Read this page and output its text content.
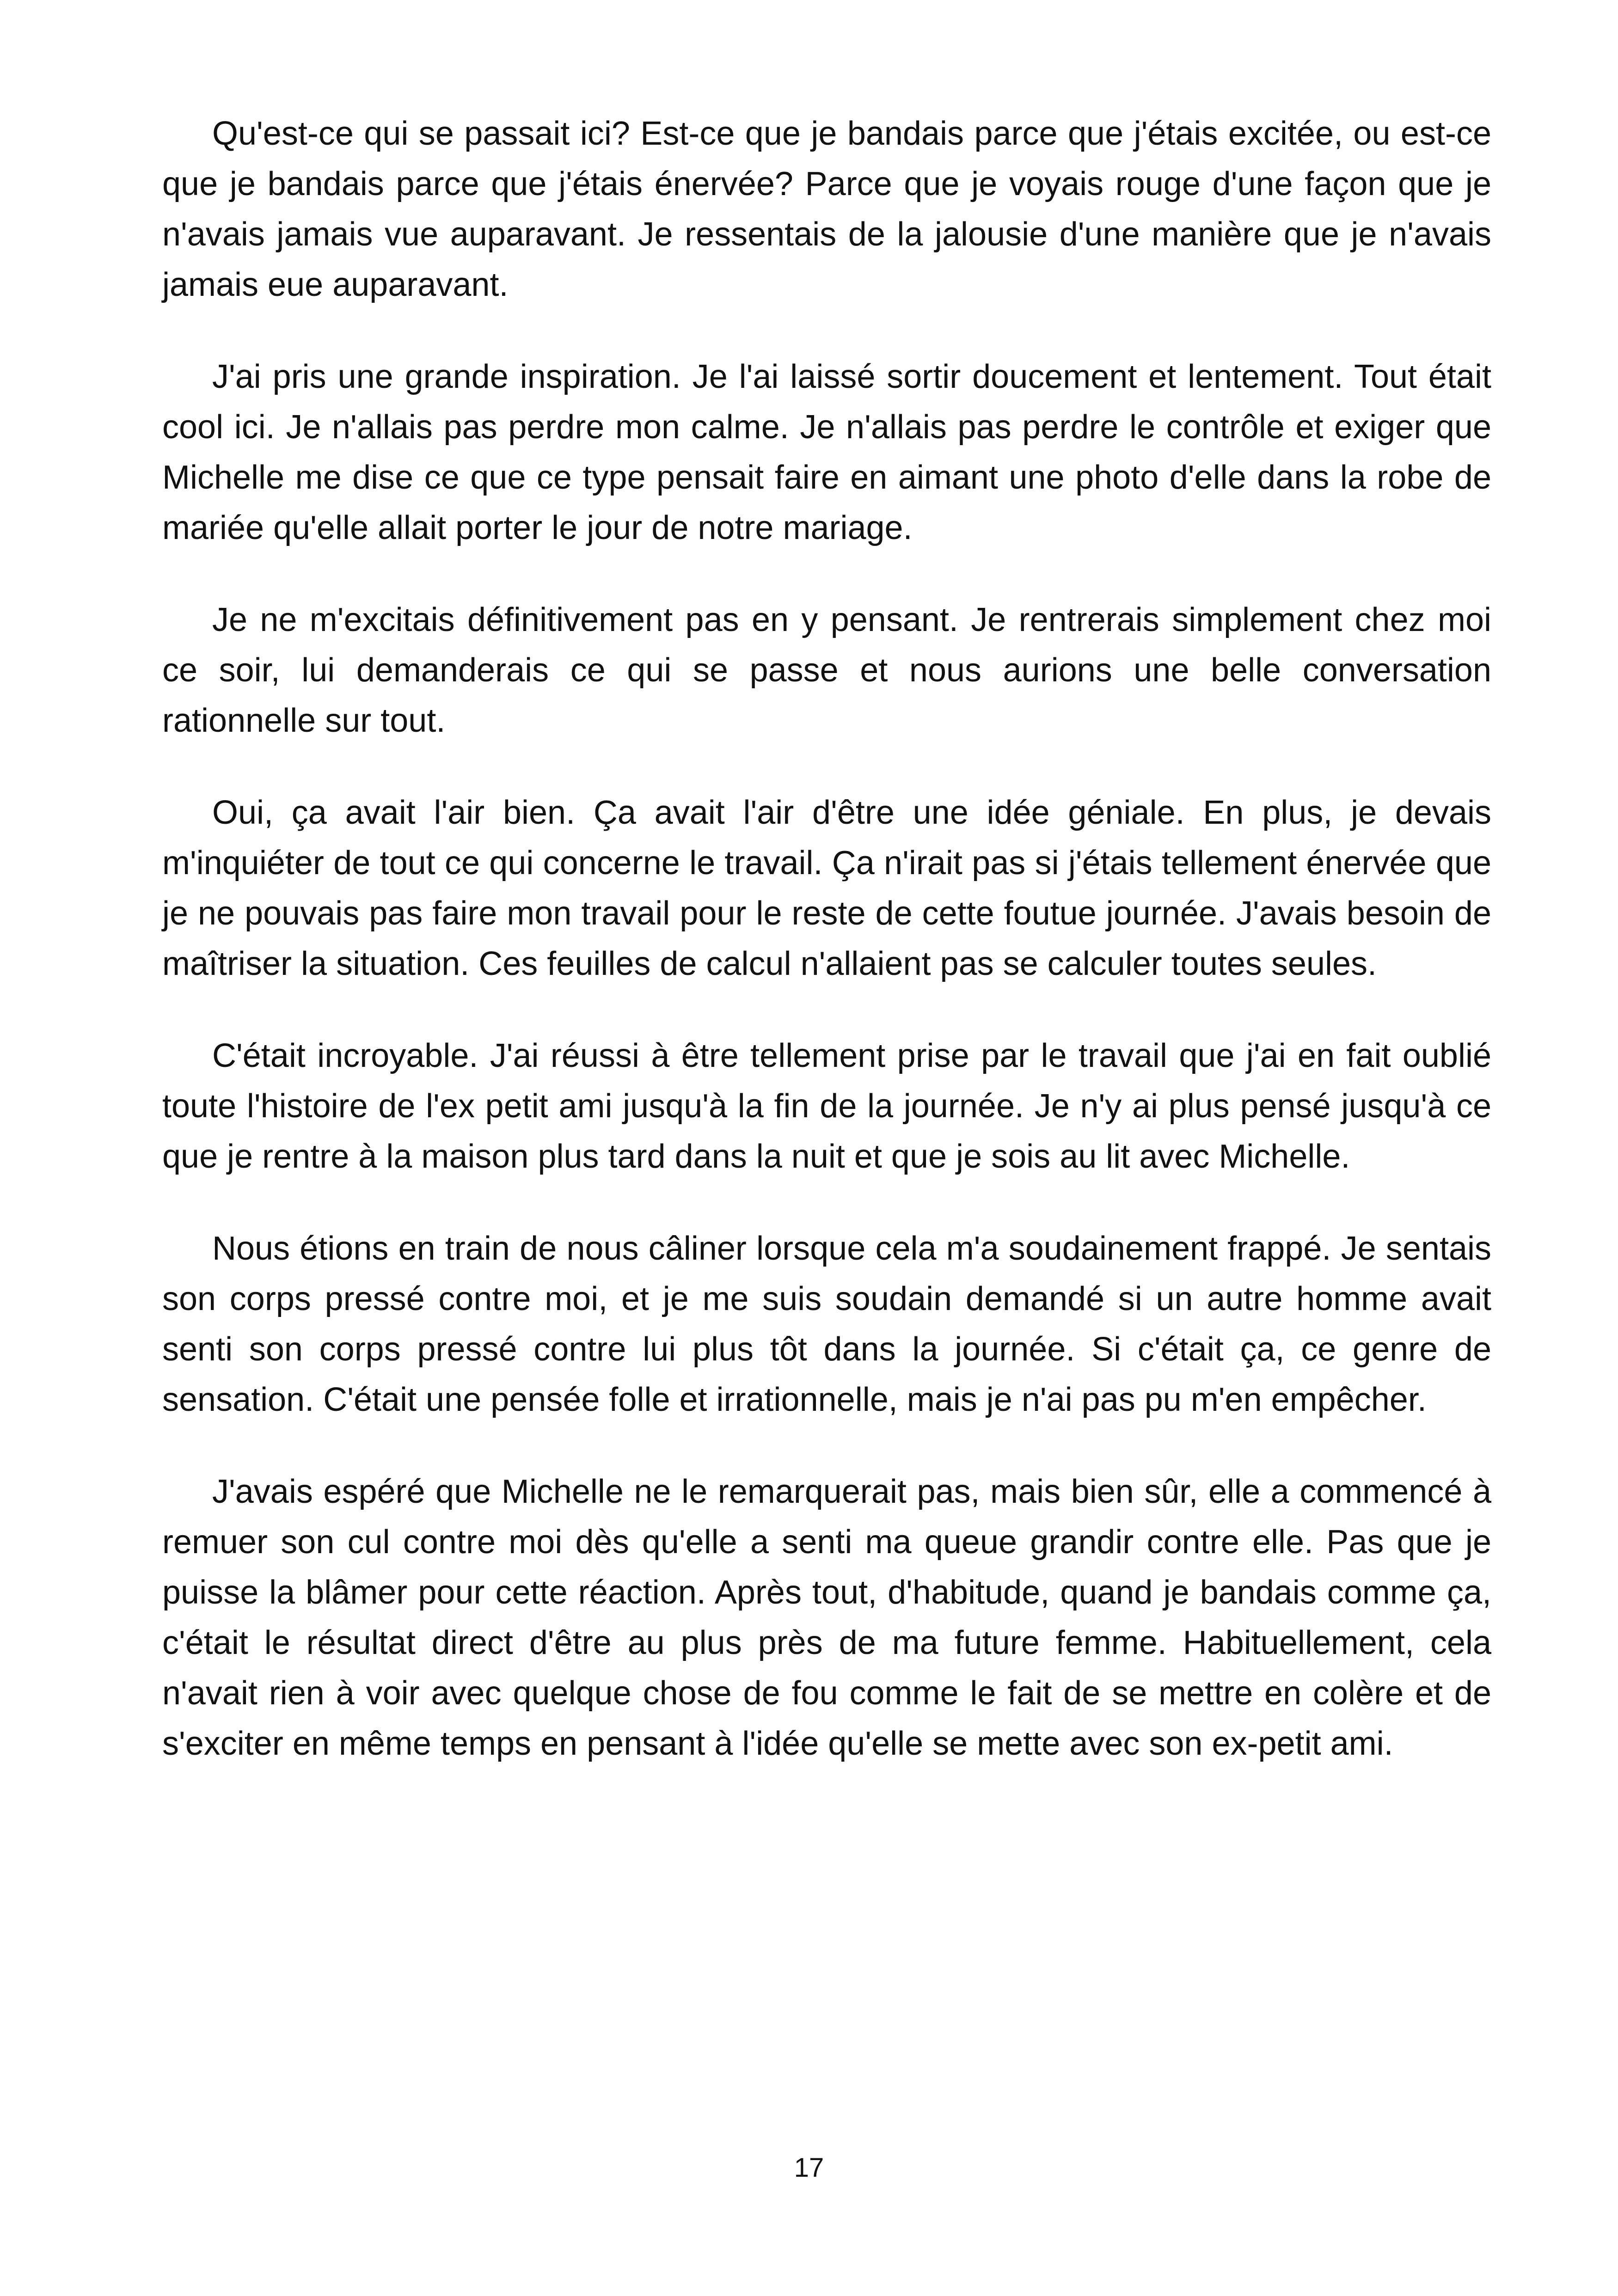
Qu'est-ce qui se passait ici? Est-ce que je bandais parce que j'étais excitée, ou est-ce que je bandais parce que j'étais énervée? Parce que je voyais rouge d'une façon que je n'avais jamais vue auparavant. Je ressentais de la jalousie d'une manière que je n'avais jamais eue auparavant.

J'ai pris une grande inspiration. Je l'ai laissé sortir doucement et lentement. Tout était cool ici. Je n'allais pas perdre mon calme. Je n'allais pas perdre le contrôle et exiger que Michelle me dise ce que ce type pensait faire en aimant une photo d'elle dans la robe de mariée qu'elle allait porter le jour de notre mariage.

Je ne m'excitais définitivement pas en y pensant. Je rentrerais simplement chez moi ce soir, lui demanderais ce qui se passe et nous aurions une belle conversation rationnelle sur tout.

Oui, ça avait l'air bien. Ça avait l'air d'être une idée géniale. En plus, je devais m'inquiéter de tout ce qui concerne le travail. Ça n'irait pas si j'étais tellement énervée que je ne pouvais pas faire mon travail pour le reste de cette foutue journée. J'avais besoin de maîtriser la situation. Ces feuilles de calcul n'allaient pas se calculer toutes seules.

C'était incroyable. J'ai réussi à être tellement prise par le travail que j'ai en fait oublié toute l'histoire de l'ex petit ami jusqu'à la fin de la journée. Je n'y ai plus pensé jusqu'à ce que je rentre à la maison plus tard dans la nuit et que je sois au lit avec Michelle.

Nous étions en train de nous câliner lorsque cela m'a soudainement frappé. Je sentais son corps pressé contre moi, et je me suis soudain demandé si un autre homme avait senti son corps pressé contre lui plus tôt dans la journée. Si c'était ça, ce genre de sensation. C'était une pensée folle et irrationnelle, mais je n'ai pas pu m'en empêcher.

J'avais espéré que Michelle ne le remarquerait pas, mais bien sûr, elle a commencé à remuer son cul contre moi dès qu'elle a senti ma queue grandir contre elle. Pas que je puisse la blâmer pour cette réaction. Après tout, d'habitude, quand je bandais comme ça, c'était le résultat direct d'être au plus près de ma future femme. Habituellement, cela n'avait rien à voir avec quelque chose de fou comme le fait de se mettre en colère et de s'exciter en même temps en pensant à l'idée qu'elle se mette avec son ex-petit ami.

17
